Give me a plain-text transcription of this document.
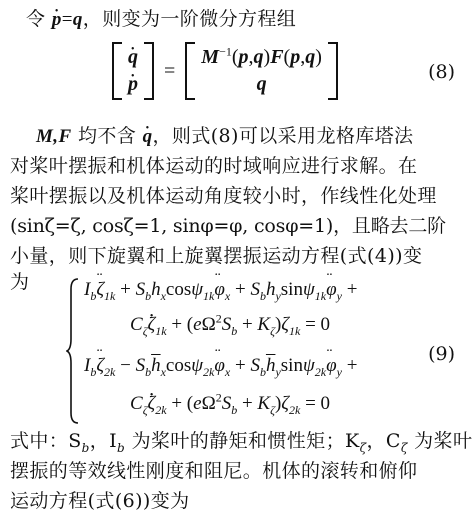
令 • p=q，则变为一阶微分方程组
• q
• p
=
$M^{-1}(p,q)F(p,q)$
q
(8)
M,F 均不含 • q，则式(8)可以采用龙格库塔法
对桨叶摆振和机体运动的时域响应进行求解。在
桨叶摆振以及机体运动角度较小时，作线性化处理
(sinζ=ζ, cosζ=1, sinφ=φ, cosφ=1)，且略去二阶
小量，则下旋翼和上旋翼摆振运动方程(式(4))变
为	$I_b¨$ $\zeta_{1k}$ + $S_bh_x\cos\psi_{1k}¨$ $\varphi_x$ + $S_bh_y\sin\psi_{1k}¨$ $\varphi_y$ +
$C_\zeta•$ $\zeta_{1k} + (e\Omega^2S_b + K_\zeta)\zeta_{1k} = 0$
(9)
$I_b¨$ $\zeta_{2k}$ − $S_b\overline{h}_x\cos\psi_{2k}¨$ $\varphi_x$ + $S_b\overline{h}_y\sin\psi_{2k}¨$ $\varphi_y$ +
$C_\zeta•$ $\zeta_{2k} + (e\Omega^2S_b + K_\zeta)\zeta_{2k} = 0$
式中：$S_b$，$I_b$ 为桨叶的静矩和惯性矩；$K_\zeta$，$C_\zeta$ 为桨叶
摆振的等效线性刚度和阻尼。机体的滚转和俯仰
运动方程(式(6))变为
